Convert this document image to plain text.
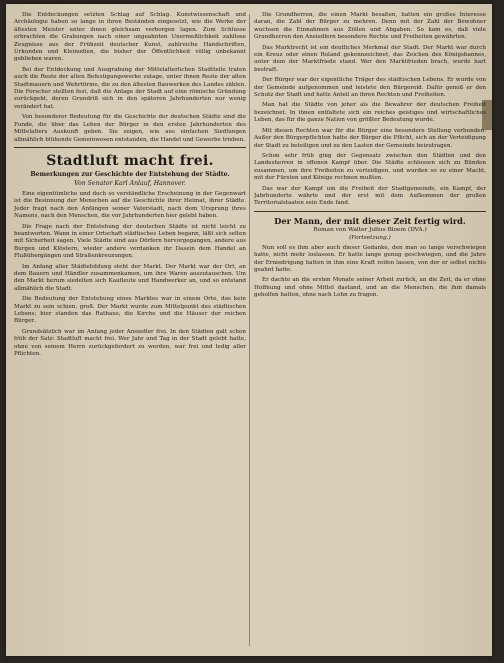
Die Entdeckungen setzten Schlag auf Schlag. Kunstwissenschaft und Archäologie haben so lange in ihren Beständen eingesetzt, wie die Werke der ältesten Meister unter ihnen gleichsam verborgen lagen. Zum Schlusse erbrachten die Grabungen nach einer ungeahnten Unermeßlichkeit zahllose Zeugnisse aus der Frühzeit deutscher Kunst, zahlreiche Handschriften, Urkunden und Kleinodien, die bisher der Öffentlichkeit völlig unbekannt geblieben waren.

Bei der Entdeckung und Ausgrabung der Mittelalterlichen Stadtteile traten auch die Reste der alten Befestigungswerke zutage, unter ihnen Reste der alten Stadtmauern und Wehrtürme, die zu den ältesten Bauwerken des Landes zählen. Die Forscher stellten fest, daß die Anlage der Stadt auf eine römische Gründung zurückgeht, deren Grundriß sich in den späteren Jahrhunderten nur wenig verändert hat.

Von besonderer Bedeutung für die Geschichte der deutschen Städte sind die Funde, die über das Leben der Bürger in den ersten Jahrhunderten des Mittelalters Auskunft geben. Sie zeigen, wie aus einfachen Siedlungen allmählich blühende Gemeinwesen entstanden, die Handel und Gewerbe trieben.

Stadtluft macht frei.
Bemerkungen zur Geschichte der Entstehung der Städte.
Von Senator Karl Anlauf, Hannover.

Eine eigentümliche und doch so verständliche Erscheinung in der Gegenwart ist die Besinnung der Menschen auf die Geschichte ihrer Heimat, ihrer Städte. Jeder fragt nach den Anfängen seiner Vaterstadt, nach dem Ursprung ihres Namens, nach den Menschen, die vor Jahrhunderten hier gelebt haben.

Die Frage nach der Entstehung der deutschen Städte ist nicht leicht zu beantworten. Wann in einer Ortschaft städtisches Leben begann, läßt sich selten mit Sicherheit sagen. Viele Städte sind aus Dörfern hervorgegangen, andere aus Burgen und Klöstern, wieder andere verdanken ihr Dasein dem Handel an Flußübergängen und Straßenkreuzungen.

Im Anfang aller Städtebildung steht der Markt. Der Markt war der Ort, an dem Bauern und Händler zusammenkamen, um ihre Waren auszutauschen. Um den Markt herum siedelten sich Kaufleute und Handwerker an, und so entstand allmählich die Stadt.

Die Bedeutung der Entstehung eines Marktes war in einem Orte, das kein Markt zu sein schien, groß. Der Markt wurde zum Mittelpunkt des städtischen Lebens; hier standen das Rathaus, die Kirche und die Häuser der reichen Bürger.

Grundsätzlich war im Anfang jeder Ansiedler frei. In den Städten galt schon früh der Satz: Stadtluft macht frei. Wer Jahr und Tag in der Stadt gelebt hatte, ohne von seinem Herrn zurückgefordert zu werden, war frei und ledig aller Pflichten.

Die Grundherren, die einen Markt besaßen, hatten ein großes Interesse daran, die Zahl der Bürger zu mehren. Denn mit der Zahl der Bewohner wuchsen die Einnahmen aus Zöllen und Abgaben. So kam es, daß viele Grundherren den Ansiedlern besondere Rechte und Freiheiten gewährten.

Das Marktrecht ist ein deutliches Merkmal der Stadt. Der Markt war durch ein Kreuz oder einen Roland gekennzeichnet, das Zeichen des Königsbannes, unter dem der Marktfriede stand. Wer den Marktfrieden brach, wurde hart bestraft.

Der Bürger war der eigentliche Träger des städtischen Lebens. Er wurde von der Gemeinde aufgenommen und leistete den Bürgereid. Dafür genoß er den Schutz der Stadt und hatte Anteil an ihren Rechten und Freiheiten.

Man hat die Städte von jeher als die Bewahrer der deutschen Freiheit bezeichnet. In ihnen entfaltete sich ein reiches geistiges und wirtschaftliches Leben, das für die ganze Nation von größter Bedeutung wurde.

Mit diesen Rechten war für die Bürger eine besondere Stellung verbunden. Außer den Bürgerpflichten hatte der Bürger die Pflicht, sich an der Verteidigung der Stadt zu beteiligen und zu den Lasten der Gemeinde beizutragen.

Schon sehr früh ging der Gegensatz zwischen den Städten und den Landesherren in offenen Kampf über. Die Städte schlossen sich zu Bünden zusammen, um ihre Freiheiten zu verteidigen, und wurden so zu einer Macht, mit der Fürsten und Könige rechnen mußten.

Das war der Kampf um die Freiheit der Stadtgemeinde, ein Kampf, der Jahrhunderte währte und der erst mit dem Aufkommen der großen Territorialstaaten sein Ende fand.

Der Mann, der mit dieser Zeit fertig wird.
Roman von Walter Julius Bloem (DVA.)
(Fortsetzung.)

Nun soll es ihm aber auch dieser Gedanke, den man so lange verschwiegen hatte, nicht mehr loslassen. Er hatte lange genug geschwiegen, und die Jahre der Erniedrigung hatten in ihm eine Kraft reifen lassen, von der er selbst nichts geahnt hatte.

Er dachte an die ersten Monate seiner Arbeit zurück, an die Zeit, da er ohne Hoffnung und ohne Mittel dastand, und an die Menschen, die ihm damals geholfen hatten, ohne nach Lohn zu fragen.
